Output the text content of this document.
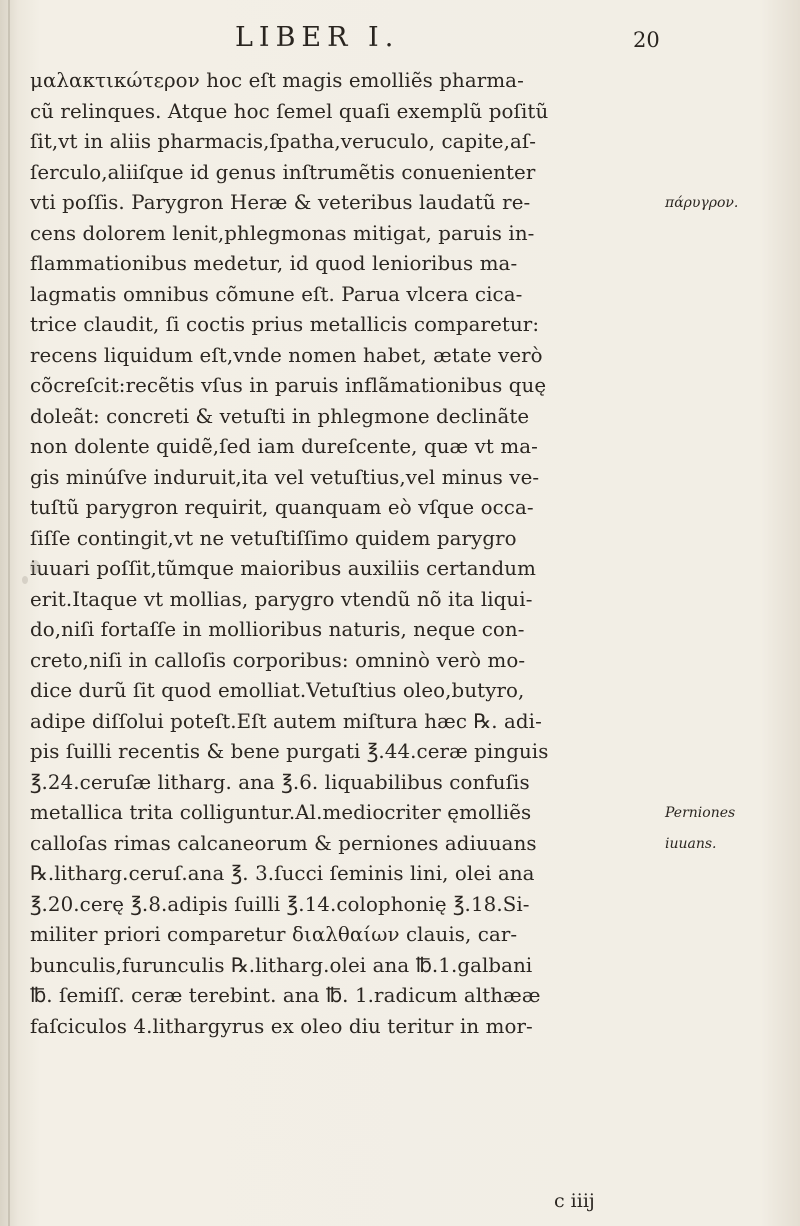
LIBER I.	20
μαλακτικώτερον hoc eſt magis emolliẽs pharma-
cũ relinques. Atque hoc ſemel quaſi exemplũ poſitũ
ſit,vt in aliis pharmacis,ſpatha,veruculo, capite,aſ-
ſerculo,aliiſque id genus inſtrumẽtis conuenienter
vti poſſis. Parygron Heræ & veteribus laudatũ re-
cens dolorem lenit,phlegmonas mitigat, paruis in-
flammationibus medetur, id quod lenioribus ma-
lagmatis omnibus cõmune eſt. Parua vlcera cica-
trice claudit, ſi coctis prius metallicis comparetur:
recens liquidum eſt,vnde nomen habet, ætate verò
cõcreſcit:recẽtis vſus in paruis inflãmationibus quę
doleãt: concreti & vetuſti in phlegmone declinãte
non dolente quidẽ,ſed iam dureſcente, quæ vt ma-
gis minúſve induruit,ita vel vetuſtius,vel minus ve-
tuſtũ parygron requirit, quanquam eò vſque occa-
ſiſſe contingit,vt ne vetuſtiſſimo quidem parygro
iuuari poſſit,tũmque maioribus auxiliis certandum
erit.Itaque vt mollias, parygro vtendũ nõ ita liqui-
do,niſi fortaſſe in mollioribus naturis, neque con-
creto,niſi in calloſis corporibus: omninò verò mo-
dice durũ ſit quod emolliat.Vetuſtius oleo,butyro,
adipe diſſolui poteſt.Eſt autem miſtura hæc ℞. adi-
pis ſuilli recentis & bene purgati ℥.44.ceræ pinguis
℥.24.ceruſæ litharg. ana ℥.6. liquabilibus confuſis
metallica trita colliguntur.Al.mediocriter ęmolliẽs
calloſas rimas calcaneorum & perniones adiuuans
℞.litharg.ceruſ.ana ℥. 3.ſucci ſeminis lini, olei ana
℥.20.cerę ℥.8.adipis ſuilli ℥.14.colophonię ℥.18.Si-
militer priori comparetur διαλθαίων clauis, car-
bunculis,furunculis ℞.litharg.olei ana ℔.1.galbani
℔. ſemiſſ. ceræ terebint. ana ℔. 1.radicum althææ
faſciculos 4.lithargyrus ex oleo diu teritur in mor-
πάρυγρον.
Perniones
iuuans.
c iiij
